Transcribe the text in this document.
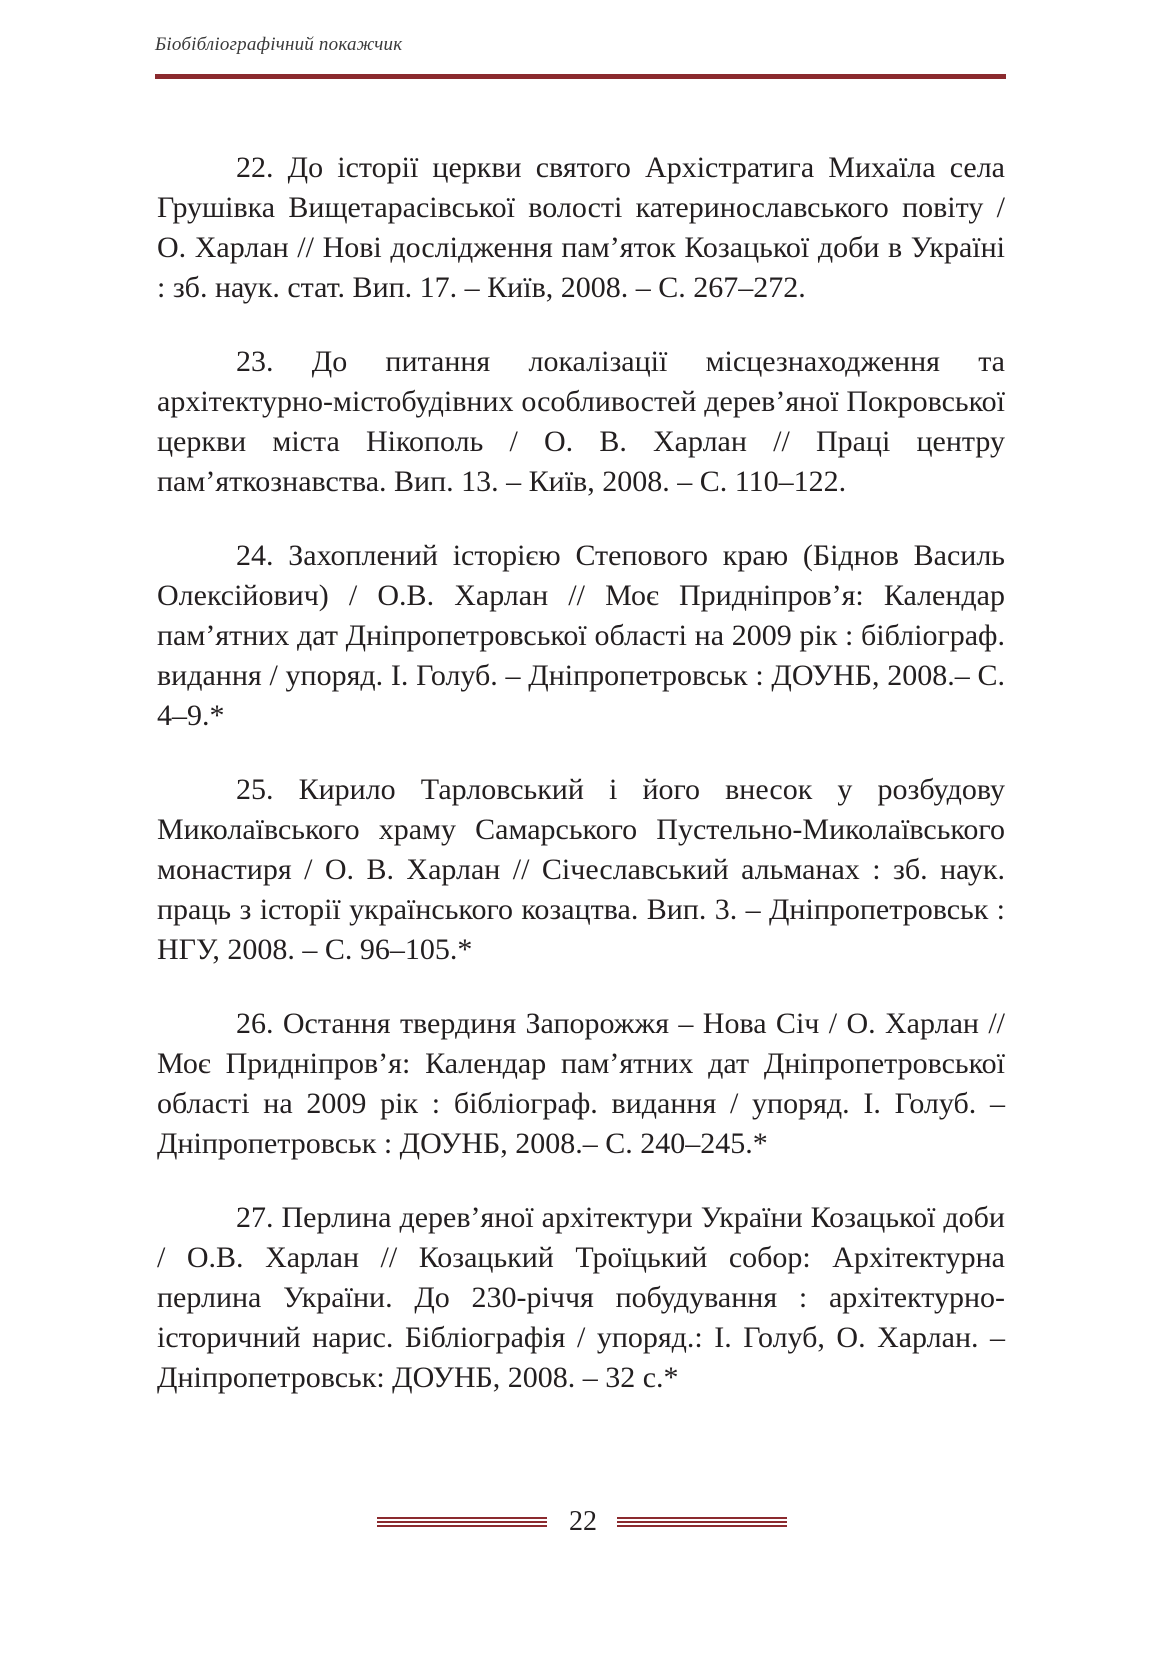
Біобібліографічний покажчик

22. До історії церкви святого Архістратига Михаїла села Грушівка Вищетарасівської волості катеринославського повіту / О. Харлан // Нові дослідження пам’яток Козацької доби в Україні : зб. наук. стат. Вип. 17. – Київ, 2008. – С. 267–272.

23. До питання локалізації місцезнаходження та архітектурно-містобудівних особливостей дерев’яної Покровської церкви міста Нікополь / О. В. Харлан // Праці центру пам’яткознавства. Вип. 13. – Київ, 2008. – С. 110–122.

24. Захоплений історією Степового краю (Біднов Василь Олексійович) / О.В. Харлан // Моє Придніпров’я: Календар пам’ятних дат Дніпропетровської області на 2009 рік : бібліограф. видання / упоряд. І. Голуб. – Дніпропетровськ : ДОУНБ, 2008.– С. 4–9.*

25. Кирило Тарловський і його внесок у розбудову Миколаївського храму Самарського Пустельно-Миколаївського монастиря / О. В. Харлан // Січеславський альманах : зб. наук. праць з історії українського козацтва. Вип. 3. – Дніпропетровськ : НГУ, 2008. – С. 96–105.*

26. Остання твердиня Запорожжя – Нова Січ / О. Харлан // Моє Придніпров’я: Календар пам’ятних дат Дніпропетровської області на 2009 рік : бібліограф. видання / упоряд. І. Голуб. – Дніпропетровськ : ДОУНБ, 2008.– С. 240–245.*

27. Перлина дерев’яної архітектури України Козацької доби / О.В. Харлан // Козацький Троїцький собор: Архітектурна перлина України. До 230-річчя побудування : архітектурно-історичний нарис. Бібліографія / упоряд.: І. Голуб, О. Харлан. – Дніпропетровськ: ДОУНБ, 2008. – 32 с.*

22
